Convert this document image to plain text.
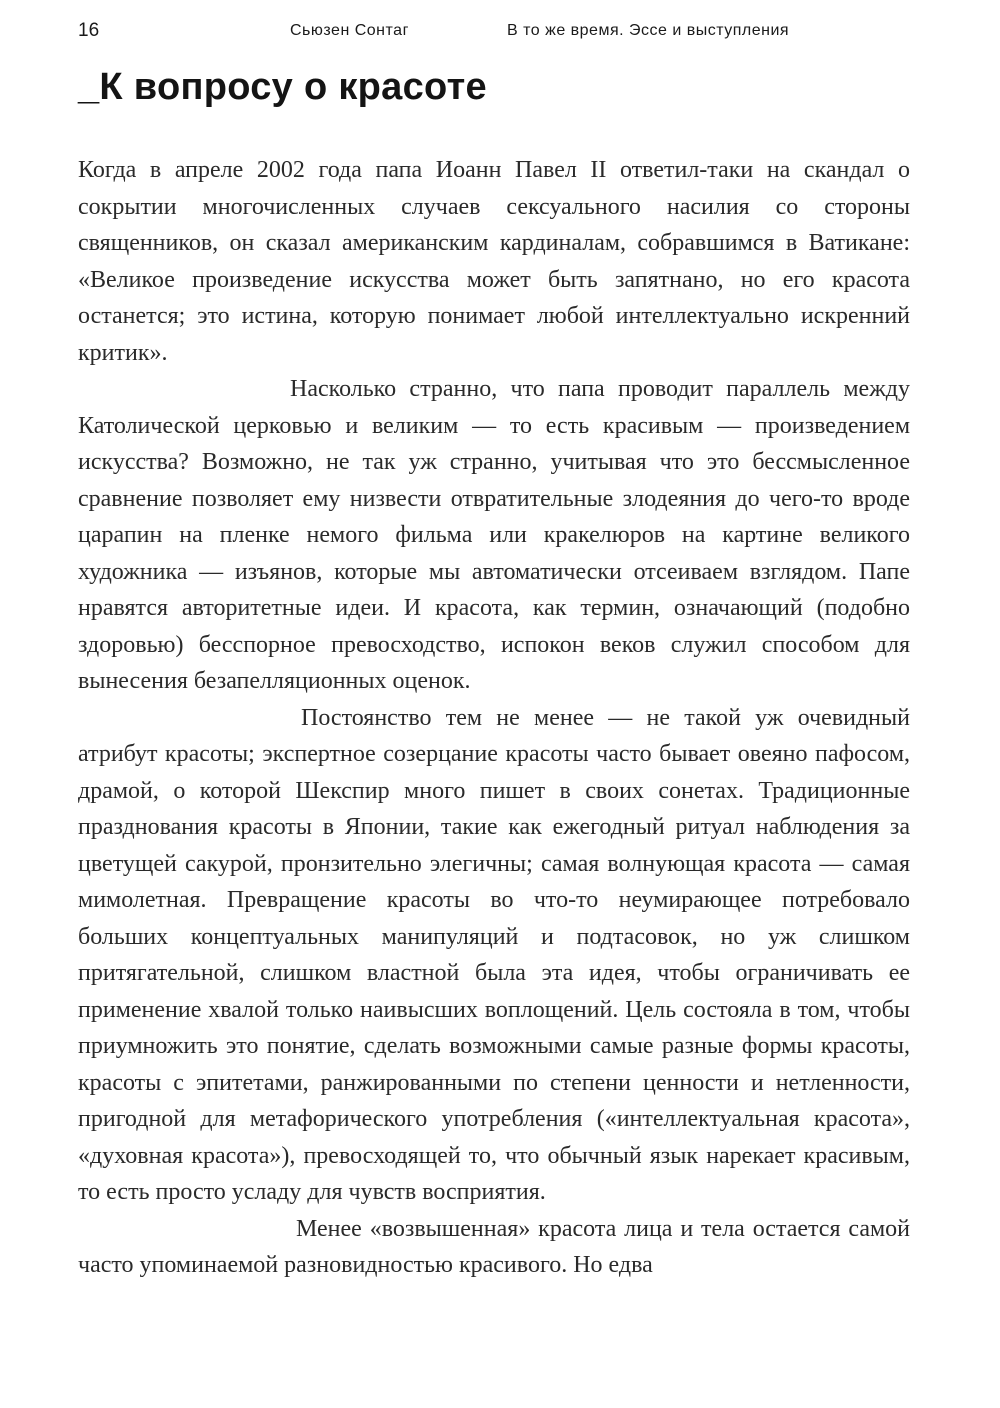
16	Сьюзен Сонтаг	В то же время. Эссе и выступления
_К вопросу о красоте

Когда в апреле 2002 года папа Иоанн Павел II ответил-таки на скандал о сокрытии многочисленных случаев сексуального насилия со стороны священников, он сказал американским кардиналам, собравшимся в Ватикане: «Великое произведение искусства может быть запятнано, но его красота останется; это истина, которую понимает любой интеллектуально искренний критик».

Насколько странно, что папа проводит параллель между Католической церковью и великим — то есть красивым — произведением искусства? Возможно, не так уж странно, учитывая что это бессмысленное сравнение позволяет ему низвести отвратительные злодеяния до чего-то вроде царапин на пленке немого фильма или кракелюров на картине великого художника — изъянов, которые мы автоматически отсеиваем взглядом. Папе нравятся авторитетные идеи. И красота, как термин, означающий (подобно здоровью) бесспорное превосходство, испокон веков служил способом для вынесения безапелляционных оценок.

Постоянство тем не менее — не такой уж очевидный атрибут красоты; экспертное созерцание красоты часто бывает овеяно пафосом, драмой, о которой Шекспир много пишет в своих сонетах. Традиционные празднования красоты в Японии, такие как ежегодный ритуал наблюдения за цветущей сакурой, пронзительно элегичны; самая волнующая красота — самая мимолетная. Превращение красоты во что-то неумирающее потребовало больших концептуальных манипуляций и подтасовок, но уж слишком притягательной, слишком властной была эта идея, чтобы ограничивать ее применение хвалой только наивысших воплощений. Цель состояла в том, чтобы приумножить это понятие, сделать возможными самые разные формы красоты, красоты с эпитетами, ранжированными по степени ценности и нетленности, пригодной для метафорического употребления («интеллектуальная красота», «духовная красота»), превосходящей то, что обычный язык нарекает красивым, то есть просто усладу для чувств восприятия.

Менее «возвышенная» красота лица и тела остается самой часто упоминаемой разновидностью красивого. Но едва
